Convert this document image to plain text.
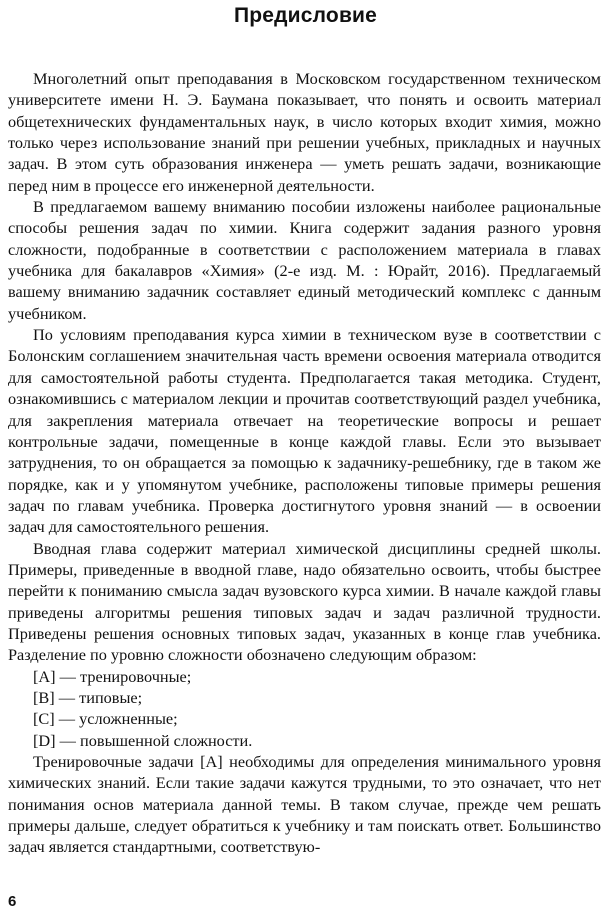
Предисловие

Многолетний опыт преподавания в Московском государственном техническом университете имени Н. Э. Баумана показывает, что понять и освоить материал общетехнических фундаментальных наук, в число которых входит химия, можно только через использование знаний при решении учебных, прикладных и научных задач. В этом суть образования инженера — уметь решать задачи, возникающие перед ним в процессе его инженерной деятельности.

В предлагаемом вашему вниманию пособии изложены наиболее рациональные способы решения задач по химии. Книга содержит задания разного уровня сложности, подобранные в соответствии с расположением материала в главах учебника для бакалавров «Химия» (2-е изд. М. : Юрайт, 2016). Предлагаемый вашему вниманию задачник составляет единый методический комплекс с данным учебником.

По условиям преподавания курса химии в техническом вузе в соответствии с Болонским соглашением значительная часть времени освоения материала отводится для самостоятельной работы студента. Предполагается такая методика. Студент, ознакомившись с материалом лекции и прочитав соответствующий раздел учебника, для закрепления материала отвечает на теоретические вопросы и решает контрольные задачи, помещенные в конце каждой главы. Если это вызывает затруднения, то он обращается за помощью к задачнику-решебнику, где в таком же порядке, как и у упомянутом учебнике, расположены типовые примеры решения задач по главам учебника. Проверка достигнутого уровня знаний — в освоении задач для самостоятельного решения.

Вводная глава содержит материал химической дисциплины средней школы. Примеры, приведенные в вводной главе, надо обязательно освоить, чтобы быстрее перейти к пониманию смысла задач вузовского курса химии. В начале каждой главы приведены алгоритмы решения типовых задач и задач различной трудности. Приведены решения основных типовых задач, указанных в конце глав учебника. Разделение по уровню сложности обозначено следующим образом:

[A] — тренировочные;
[B] — типовые;
[C] — усложненные;
[D] — повышенной сложности.

Тренировочные задачи [A] необходимы для определения минимального уровня химических знаний. Если такие задачи кажутся трудными, то это означает, что нет понимания основ материала данной темы. В таком случае, прежде чем решать примеры дальше, следует обратиться к учебнику и там поискать ответ. Большинство задач является стандартными, соответствую-

6
